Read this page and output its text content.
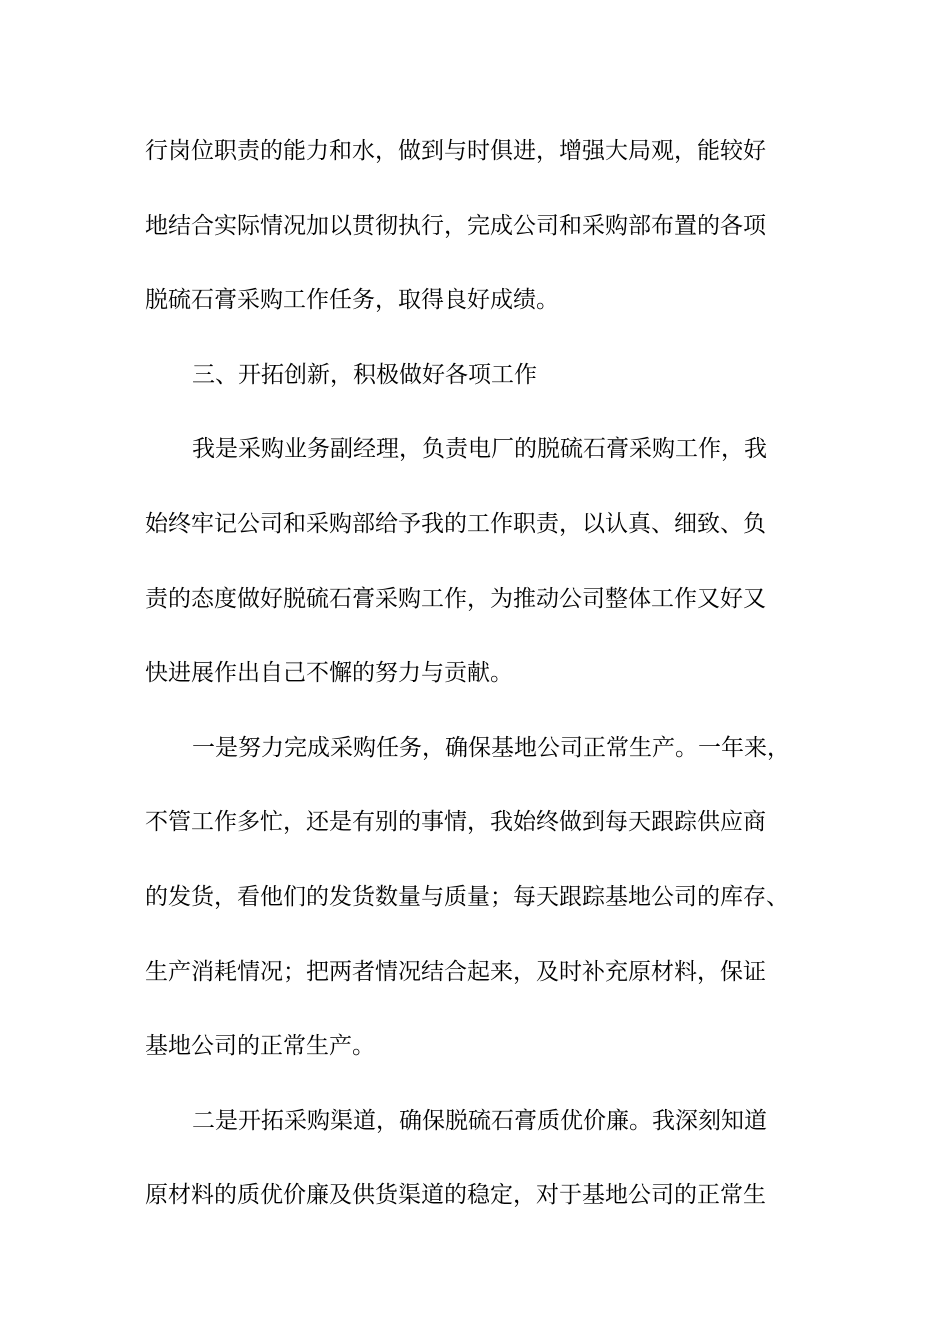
行岗位职责的能力和水，做到与时俱进，增强大局观，能较好
地结合实际情况加以贯彻执行，完成公司和采购部布置的各项
脱硫石膏采购工作任务，取得良好成绩。
三、开拓创新，积极做好各项工作
我是采购业务副经理，负责电厂的脱硫石膏采购工作，我
始终牢记公司和采购部给予我的工作职责，以认真、细致、负
责的态度做好脱硫石膏采购工作，为推动公司整体工作又好又
快进展作出自己不懈的努力与贡献。
一是努力完成采购任务，确保基地公司正常生产。一年来，
不管工作多忙，还是有别的事情，我始终做到每天跟踪供应商
的发货，看他们的发货数量与质量；每天跟踪基地公司的库存、
生产消耗情况；把两者情况结合起来，及时补充原材料，保证
基地公司的正常生产。
二是开拓采购渠道，确保脱硫石膏质优价廉。我深刻知道
原材料的质优价廉及供货渠道的稳定，对于基地公司的正常生
